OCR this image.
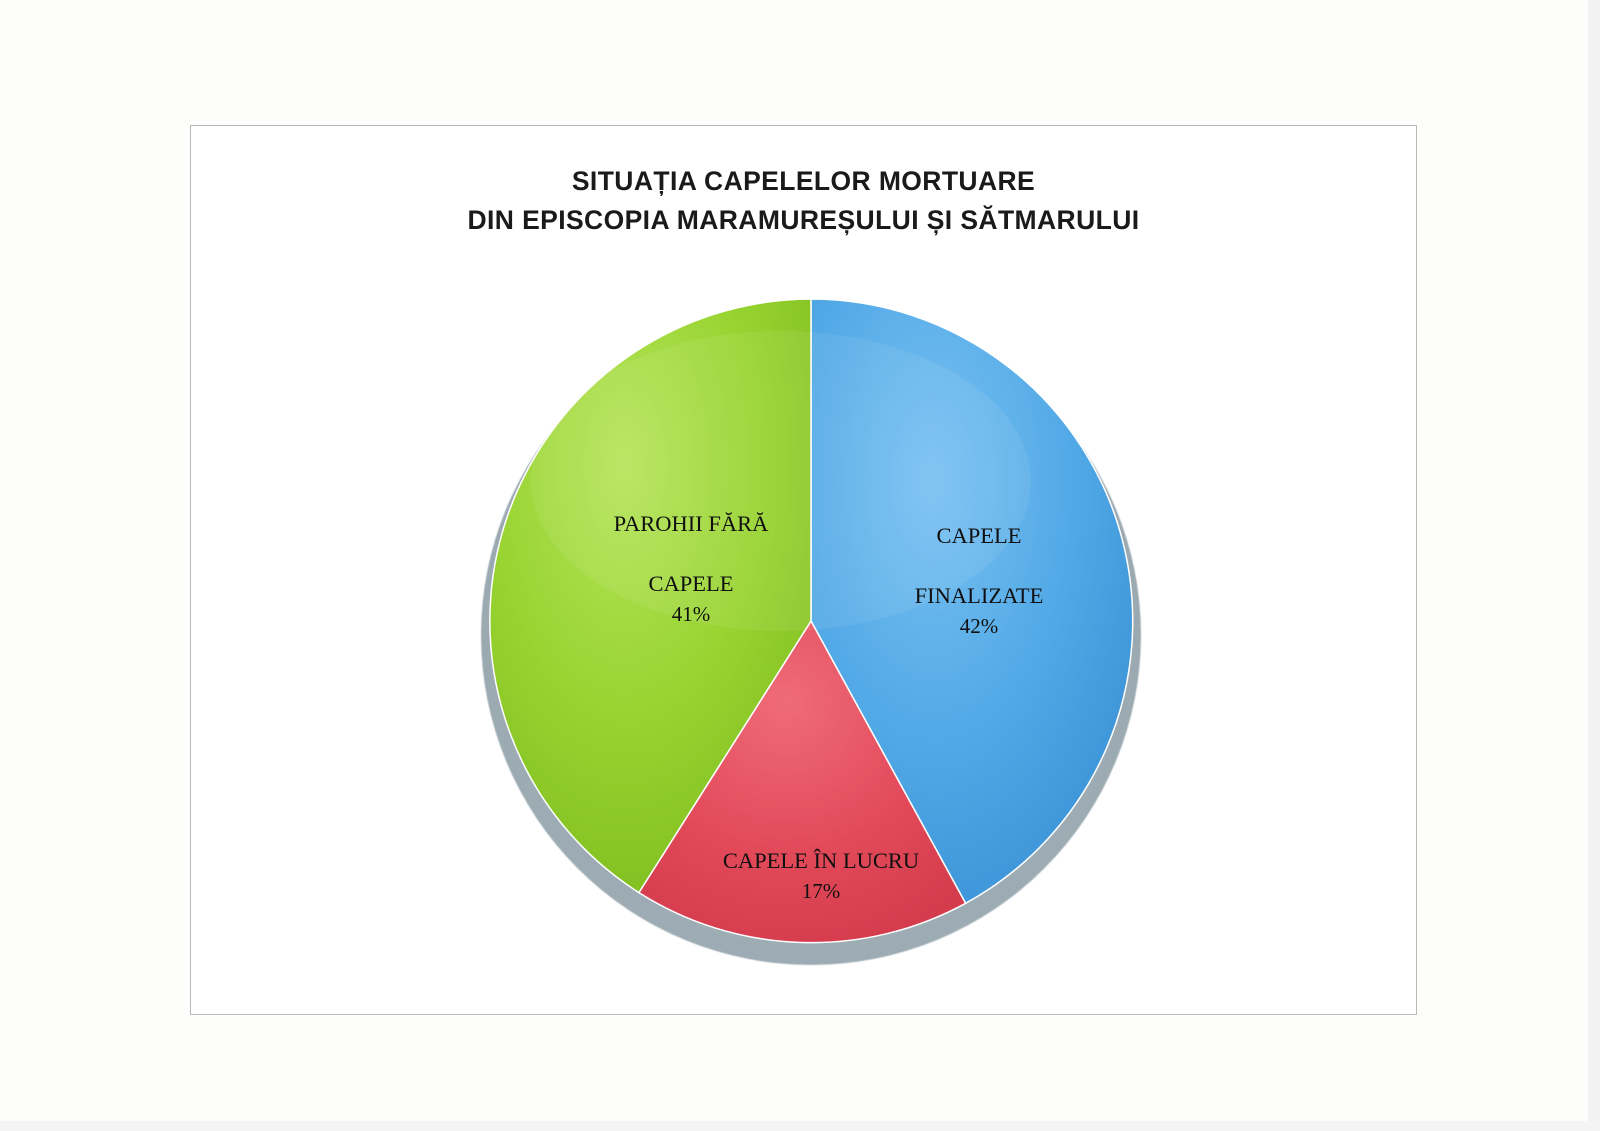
SITUAȚIA CAPELELOR MORTUARE
DIN EPISCOPIA MARAMUREȘULUI ȘI SĂTMARULUI

PAROHII FĂRĂ

CAPELE

41%

CAPELE

FINALIZATE

42%

CAPELE ÎN LUCRU

17%
